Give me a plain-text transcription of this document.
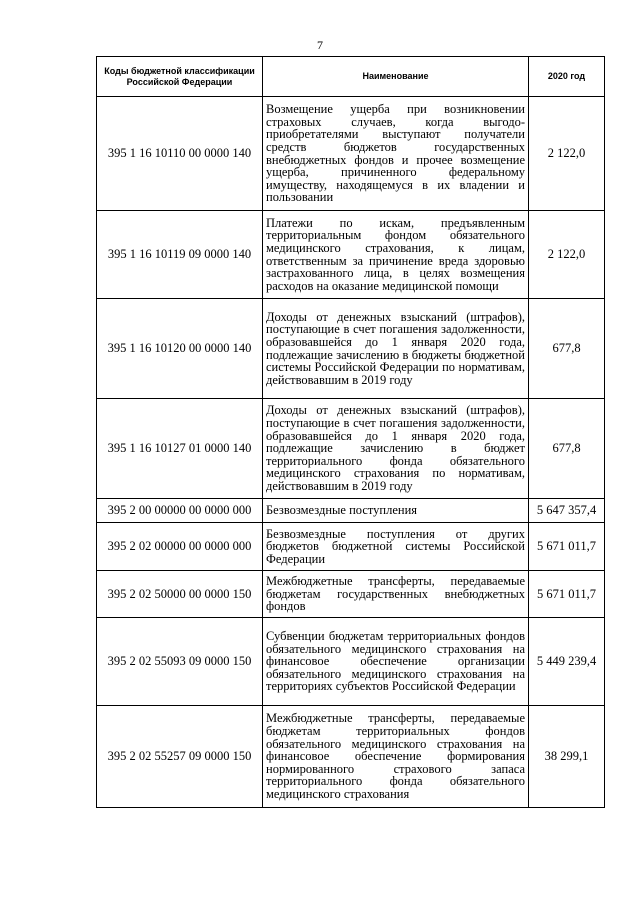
7
Коды бюджетной классификации Российской Федерации	Наименование	2020 год
395 1 16 10110 00 0000 140	Возмещение ущерба при возникновении страховых случаев, когда выгодо-приобретателями выступают получатели средств бюджетов государственных внебюджетных фондов и прочее возмещение ущерба, причиненного федеральному имуществу, находящемуся в их владении и пользовании	2 122,0
395 1 16 10119 09 0000 140	Платежи по искам, предъявленным территориальным фондом обязательного медицинского страхования, к лицам, ответственным за причинение вреда здоровью застрахованного лица, в целях возмещения расходов на оказание медицинской помощи	2 122,0
395 1 16 10120 00 0000 140	Доходы от денежных взысканий (штрафов), поступающие в счет погашения задолженности, образовавшейся до 1 января 2020 года, подлежащие зачислению в бюджеты бюджетной системы Российской Федерации по нормативам, действовавшим в 2019 году	677,8
395 1 16 10127 01 0000 140	Доходы от денежных взысканий (штрафов), поступающие в счет погашения задолженности, образовавшейся до 1 января 2020 года, подлежащие зачислению в бюджет территориального фонда обязательного медицинского страхования по нормативам, действовавшим в 2019 году	677,8
395 2 00 00000 00 0000 000	Безвозмездные поступления	5 647 357,4
395 2 02 00000 00 0000 000	Безвозмездные поступления от других бюджетов бюджетной системы Российской Федерации	5 671 011,7
395 2 02 50000 00 0000 150	Межбюджетные трансферты, передаваемые бюджетам государственных внебюджетных фондов	5 671 011,7
395 2 02 55093 09 0000 150	Субвенции бюджетам территориальных фондов обязательного медицинского страхования на финансовое обеспечение организации обязательного медицинского страхования на территориях субъектов Российской Федерации	5 449 239,4
395 2 02 55257 09 0000 150	Межбюджетные трансферты, передаваемые бюджетам территориальных фондов обязательного медицинского страхования на финансовое обеспечение формирования нормированного страхового запаса территориального фонда обязательного медицинского страхования	38 299,1
